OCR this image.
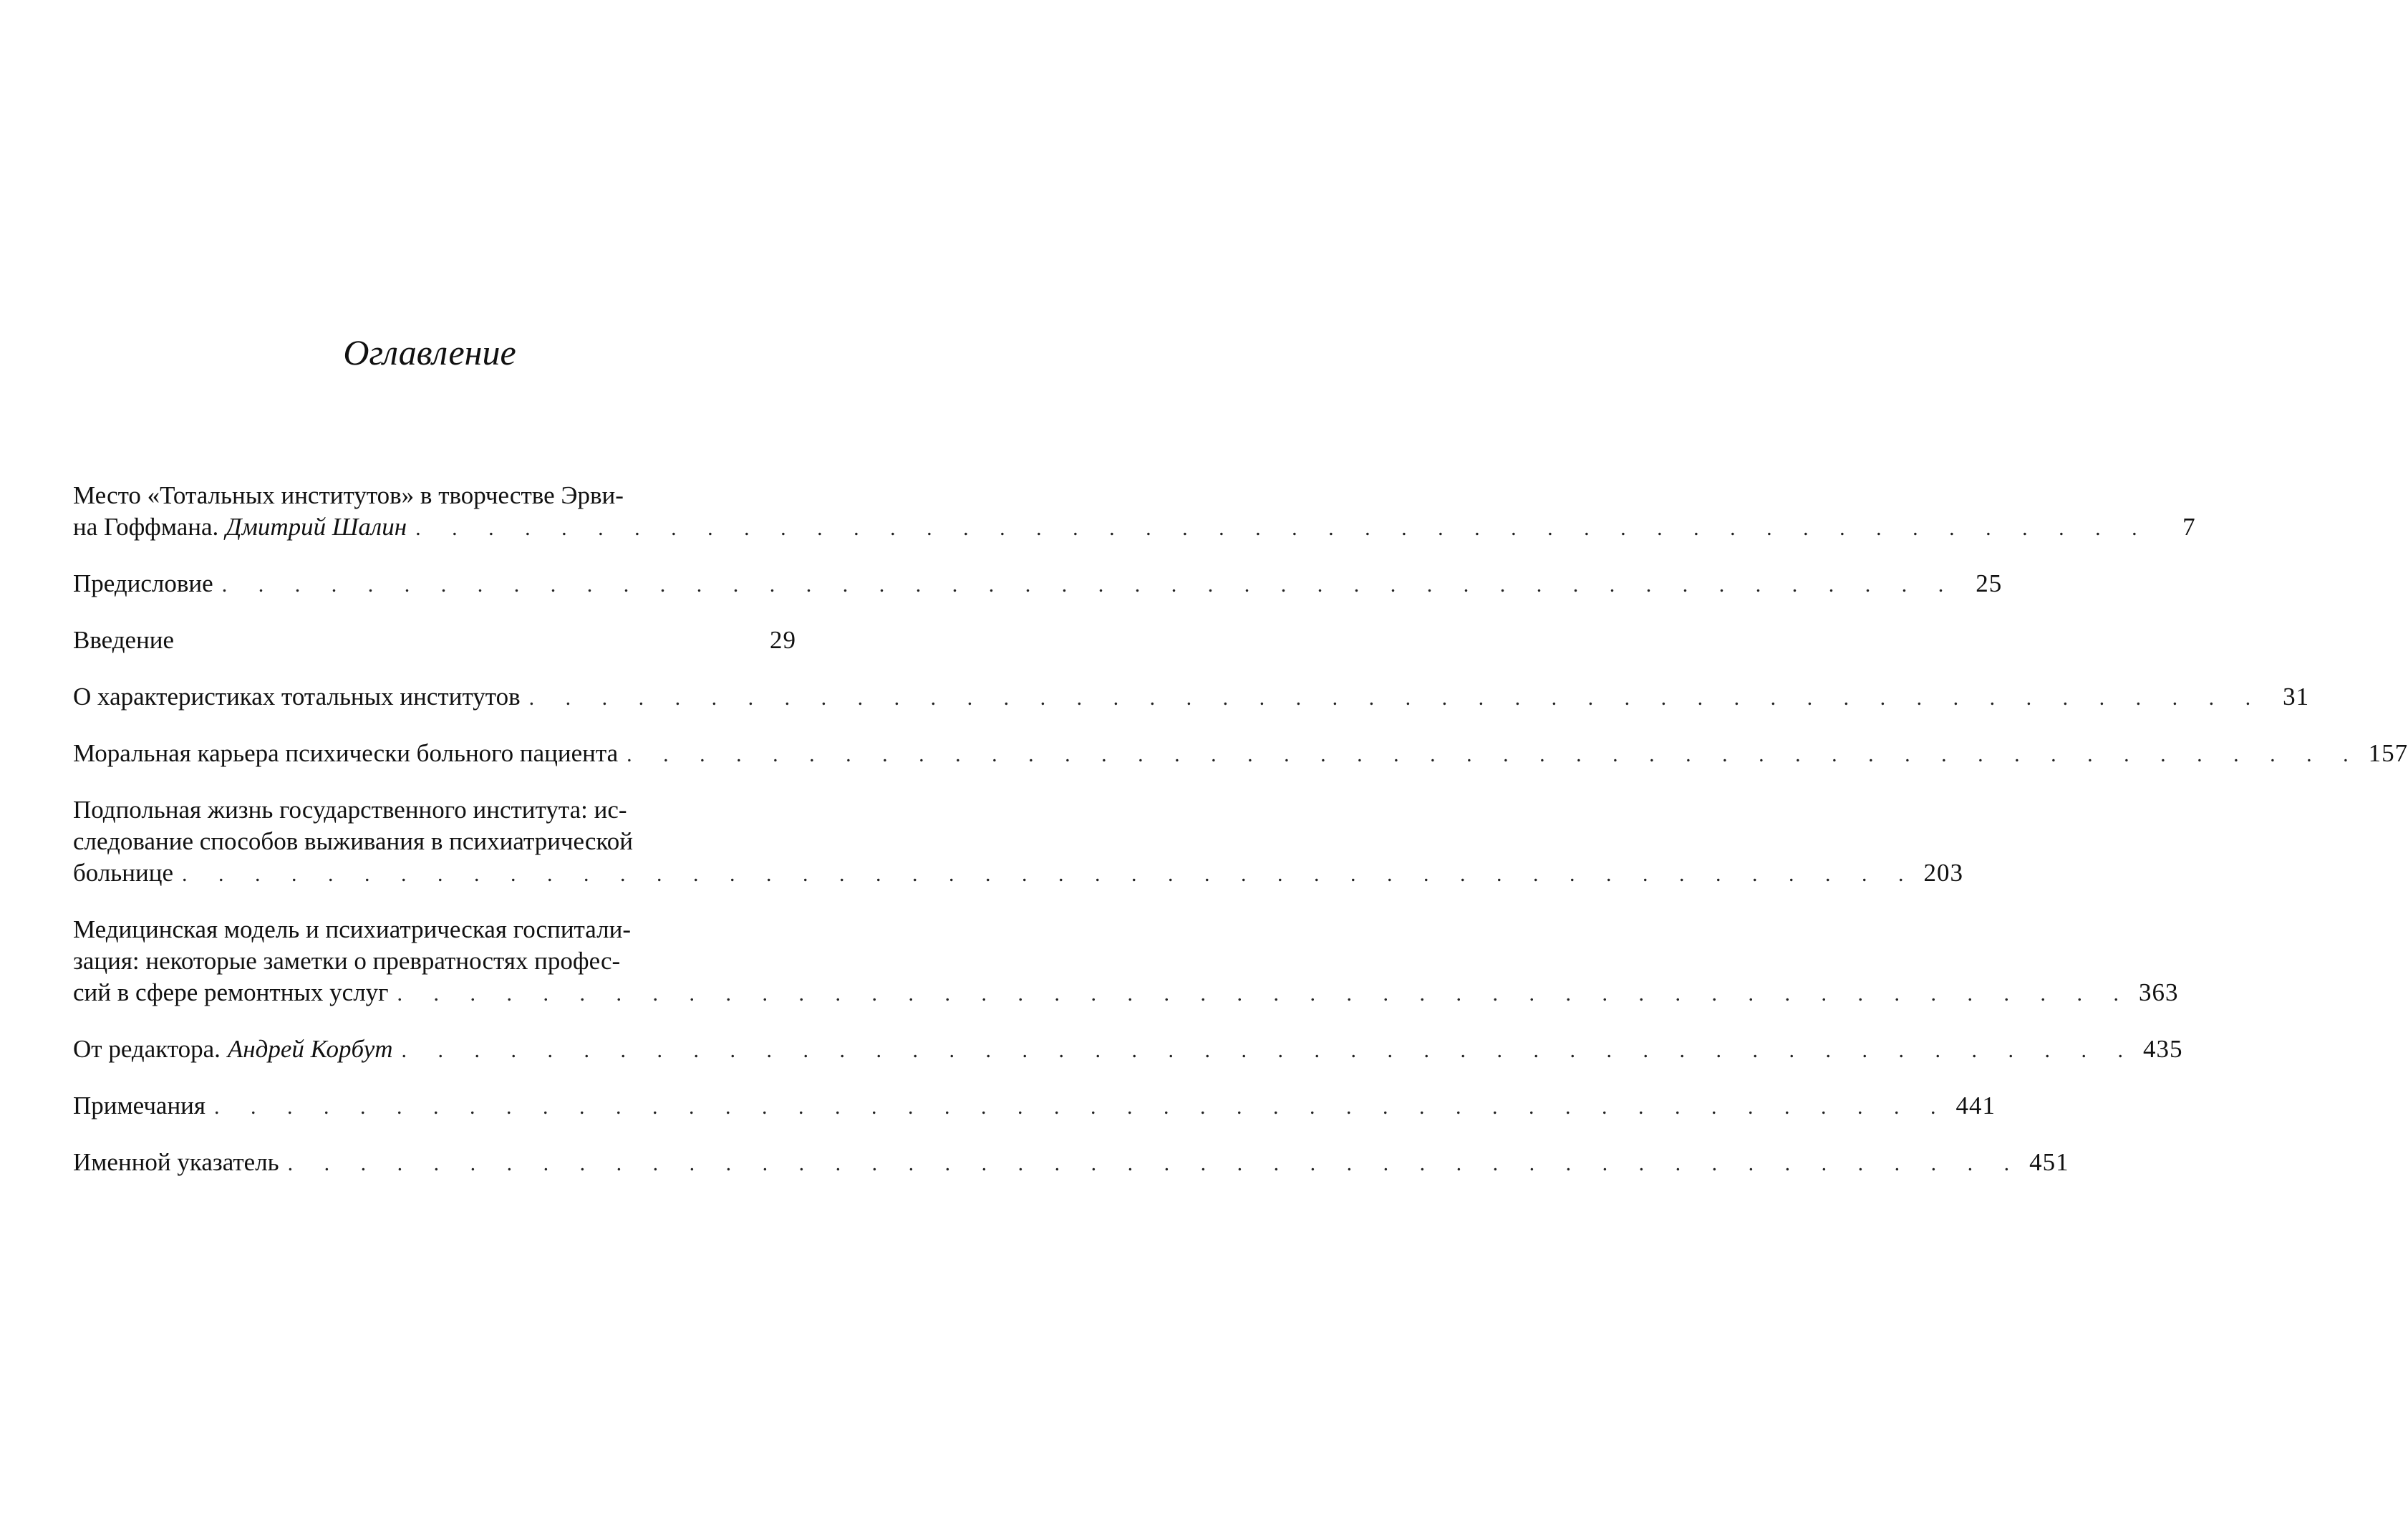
Оглавление
Место «Тотальных институтов» в творчестве Эрви-
на Гоффмана. Дмитрий Шалин . . . . . . . . . . . . . . . . . . . . . . . . . . . . . . . . . . . . . . . . . . . . . . . .	7
Предисловие . . . . . . . . . . . . . . . . . . . . . . . . . . . . . . . . . . . . . . . . . . . . . . . . 25
Введение	29
О характеристиках тотальных институтов . . . . . . . . . . . . . . . . . . . . . . . . . . . . . . . . . . . . . . . . . . . . . . . . 31
Моральная карьера психически больного пациента . . . . . . . . . . . . . . . . . . . . . . . . . . . . . . . . . . . . . . . . . . . . . . . . 157
Подпольная жизнь государственного института: ис-
следование способов выживания в психиатрической
больнице . . . . . . . . . . . . . . . . . . . . . . . . . . . . . . . . . . . . . . . . . . . . . . . . 203
Медицинская модель и психиатрическая госпитали-
зация: некоторые заметки о превратностях профес-
сий в сфере ремонтных услуг . . . . . . . . . . . . . . . . . . . . . . . . . . . . . . . . . . . . . . . . . . . . . . . . 363
От редактора. Андрей Корбут . . . . . . . . . . . . . . . . . . . . . . . . . . . . . . . . . . . . . . . . . . . . . . . . 435
Примечания . . . . . . . . . . . . . . . . . . . . . . . . . . . . . . . . . . . . . . . . . . . . . . . . 441
Именной указатель . . . . . . . . . . . . . . . . . . . . . . . . . . . . . . . . . . . . . . . . . . . . . . . . 451
